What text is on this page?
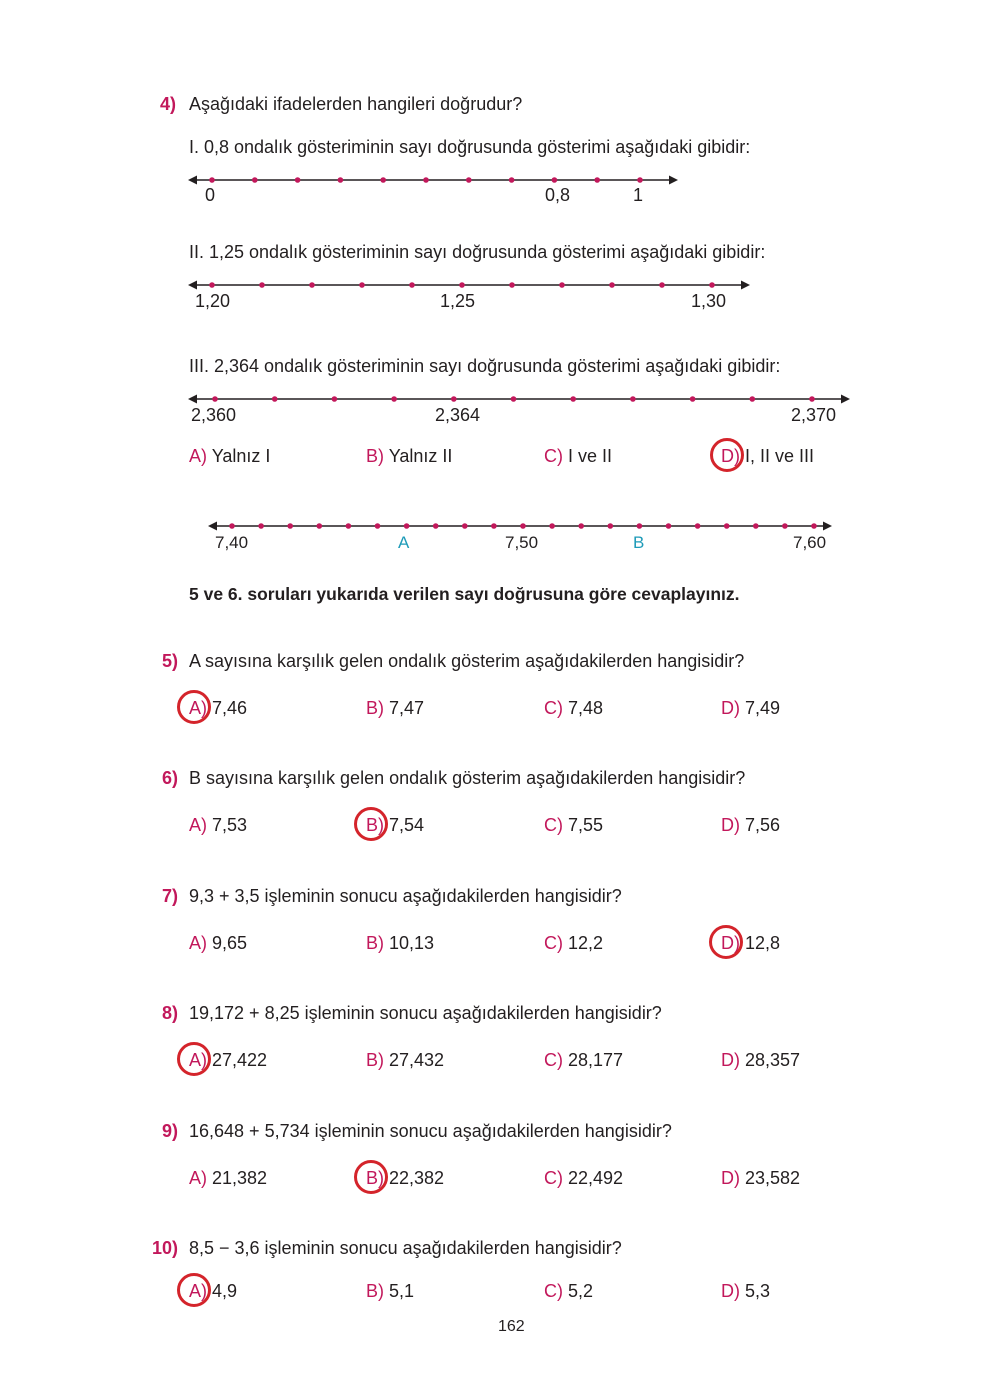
4) Aşağıdaki ifadelerden hangileri doğrudur?
I. 0,8 ondalık gösteriminin sayı doğrusunda gösterimi aşağıdaki gibidir:
0	0,8	1
II. 1,25 ondalık gösteriminin sayı doğrusunda gösterimi aşağıdaki gibidir:
1,20	1,25	1,30
III. 2,364 ondalık gösteriminin sayı doğrusunda gösterimi aşağıdaki gibidir:
2,360	2,364	2,370
A) Yalnız I	B) Yalnız II	C) I ve II	D) I, II ve III
7,40	A	7,50	B	7,60
5 ve 6. soruları yukarıda verilen sayı doğrusuna göre cevaplayınız.
5) A sayısına karşılık gelen ondalık gösterim aşağıdakilerden hangisidir?
A) 7,46	B) 7,47	C) 7,48	D) 7,49
6) B sayısına karşılık gelen ondalık gösterim aşağıdakilerden hangisidir?
A) 7,53	B) 7,54	C) 7,55	D) 7,56
7) 9,3 + 3,5 işleminin sonucu aşağıdakilerden hangisidir?
A) 9,65	B) 10,13	C) 12,2	D) 12,8
8) 19,172 + 8,25 işleminin sonucu aşağıdakilerden hangisidir?
A) 27,422	B) 27,432	C) 28,177	D) 28,357
9) 16,648 + 5,734 işleminin sonucu aşağıdakilerden hangisidir?
A) 21,382	B) 22,382	C) 22,492	D) 23,582
10) 8,5 − 3,6 işleminin sonucu aşağıdakilerden hangisidir?
A) 4,9	B) 5,1	C) 5,2	D) 5,3
162
